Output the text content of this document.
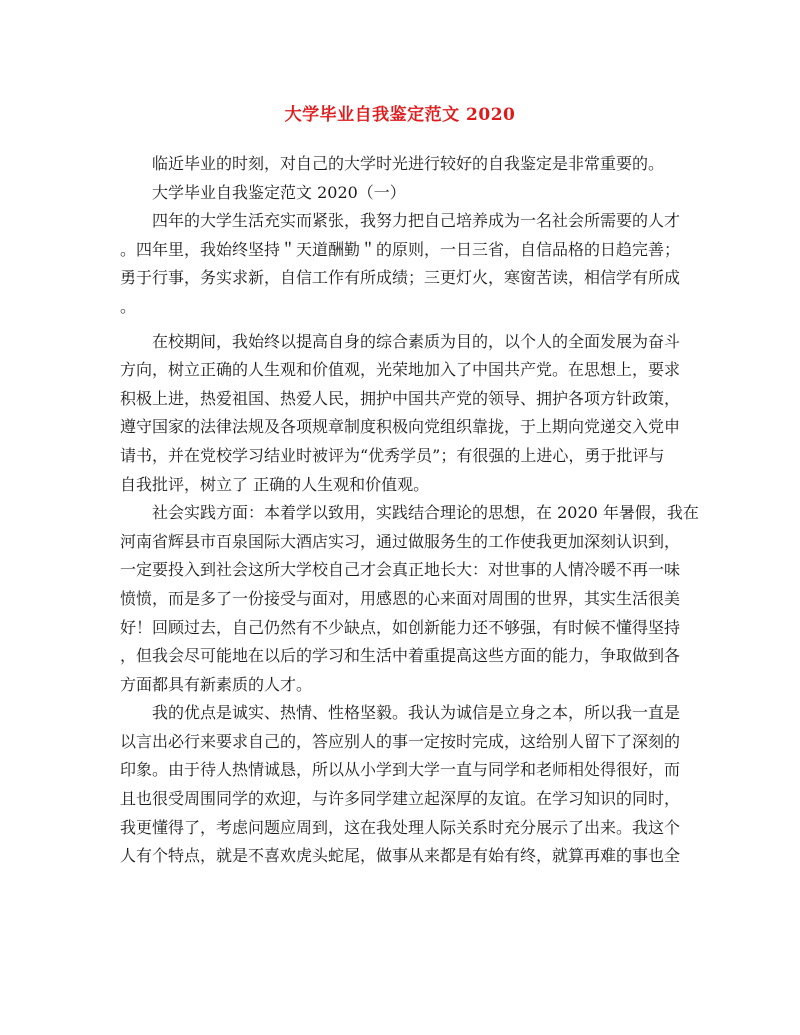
大学毕业自我鉴定范文 2020
临近毕业的时刻，对自己的大学时光进行较好的自我鉴定是非常重要的。
大学毕业自我鉴定范文 2020（一）
四年的大学生活充实而紧张，我努力把自己培养成为一名社会所需要的人才
。四年里，我始终坚持＂天道酬勤＂的原则，一日三省，自信品格的日趋完善；
勇于行事，务实求新，自信工作有所成绩；三更灯火，寒窗苦读，相信学有所成
。
在校期间，我始终以提高自身的综合素质为目的，以个人的全面发展为奋斗
方向，树立正确的人生观和价值观，光荣地加入了中国共产党。在思想上，要求
积极上进，热爱祖国、热爱人民，拥护中国共产党的领导、拥护各项方针政策，
遵守国家的法律法规及各项规章制度积极向党组织靠拢，于上期向党递交入党申
请书，并在党校学习结业时被评为“优秀学员”；有很强的上进心，勇于批评与
自我批评，树立了 正确的人生观和价值观。
社会实践方面：本着学以致用，实践结合理论的思想，在 2020 年暑假，我在
河南省辉县市百泉国际大酒店实习，通过做服务生的工作使我更加深刻认识到，
一定要投入到社会这所大学校自己才会真正地长大：对世事的人情冷暖不再一味
愤愤，而是多了一份接受与面对，用感恩的心来面对周围的世界，其实生活很美
好！回顾过去，自己仍然有不少缺点，如创新能力还不够强，有时候不懂得坚持
，但我会尽可能地在以后的学习和生活中着重提高这些方面的能力，争取做到各
方面都具有新素质的人才。
我的优点是诚实、热情、性格坚毅。我认为诚信是立身之本，所以我一直是
以言出必行来要求自己的，答应别人的事一定按时完成，这给别人留下了深刻的
印象。由于待人热情诚恳，所以从小学到大学一直与同学和老师相处得很好，而
且也很受周围同学的欢迎，与许多同学建立起深厚的友谊。在学习知识的同时，
我更懂得了，考虑问题应周到，这在我处理人际关系时充分展示了出来。我这个
人有个特点，就是不喜欢虎头蛇尾，做事从来都是有始有终，就算再难的事也全
